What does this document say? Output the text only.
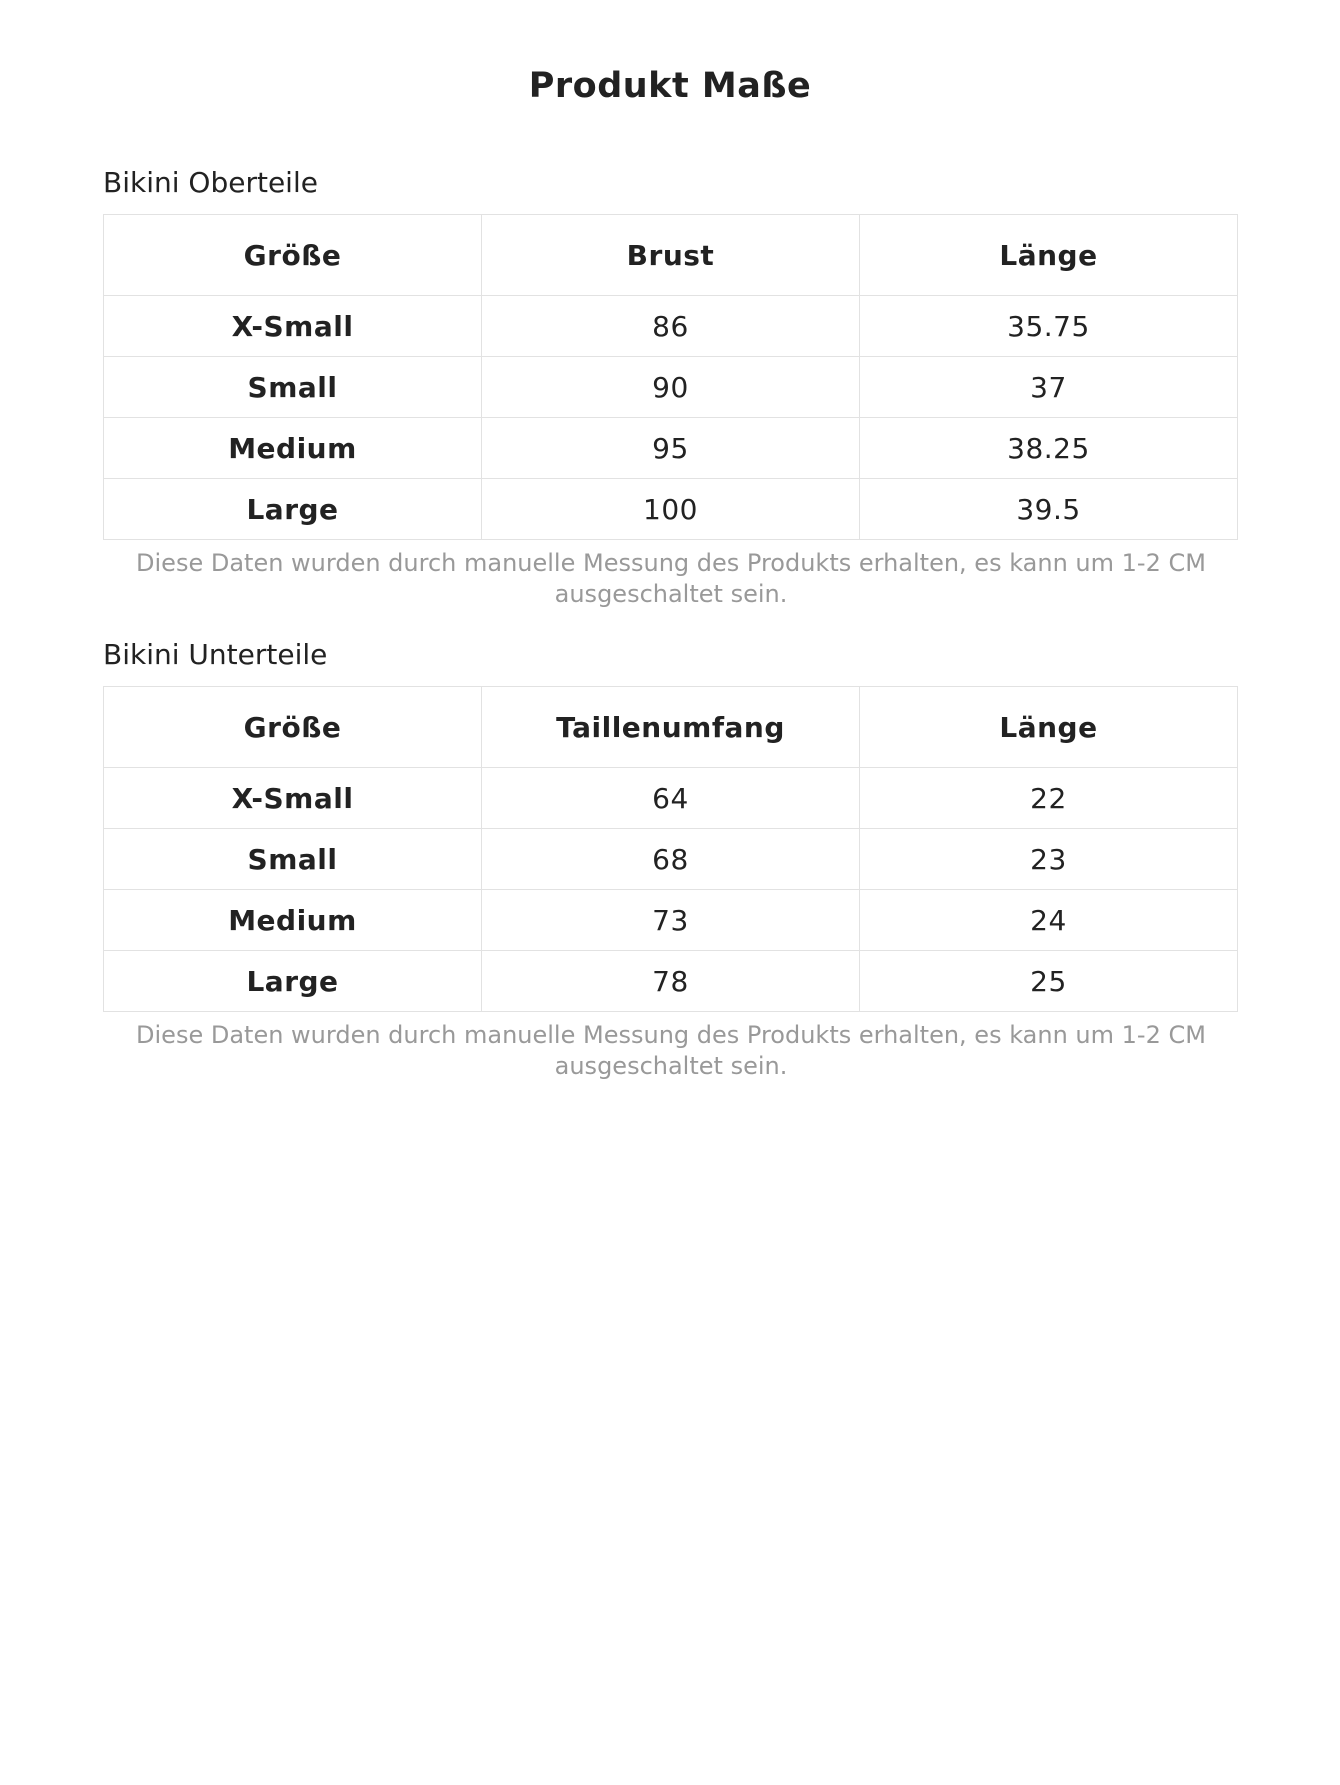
Produkt Maße
Bikini Oberteile
Größe	Brust	Länge
X-Small	86	35.75
Small	90	37
Medium	95	38.25
Large	100	39.5
Diese Daten wurden durch manuelle Messung des Produkts erhalten, es kann um 1-2 CM ausgeschaltet sein.
Bikini Unterteile
Größe	Taillenumfang	Länge
X-Small	64	22
Small	68	23
Medium	73	24
Large	78	25
Diese Daten wurden durch manuelle Messung des Produkts erhalten, es kann um 1-2 CM ausgeschaltet sein.
